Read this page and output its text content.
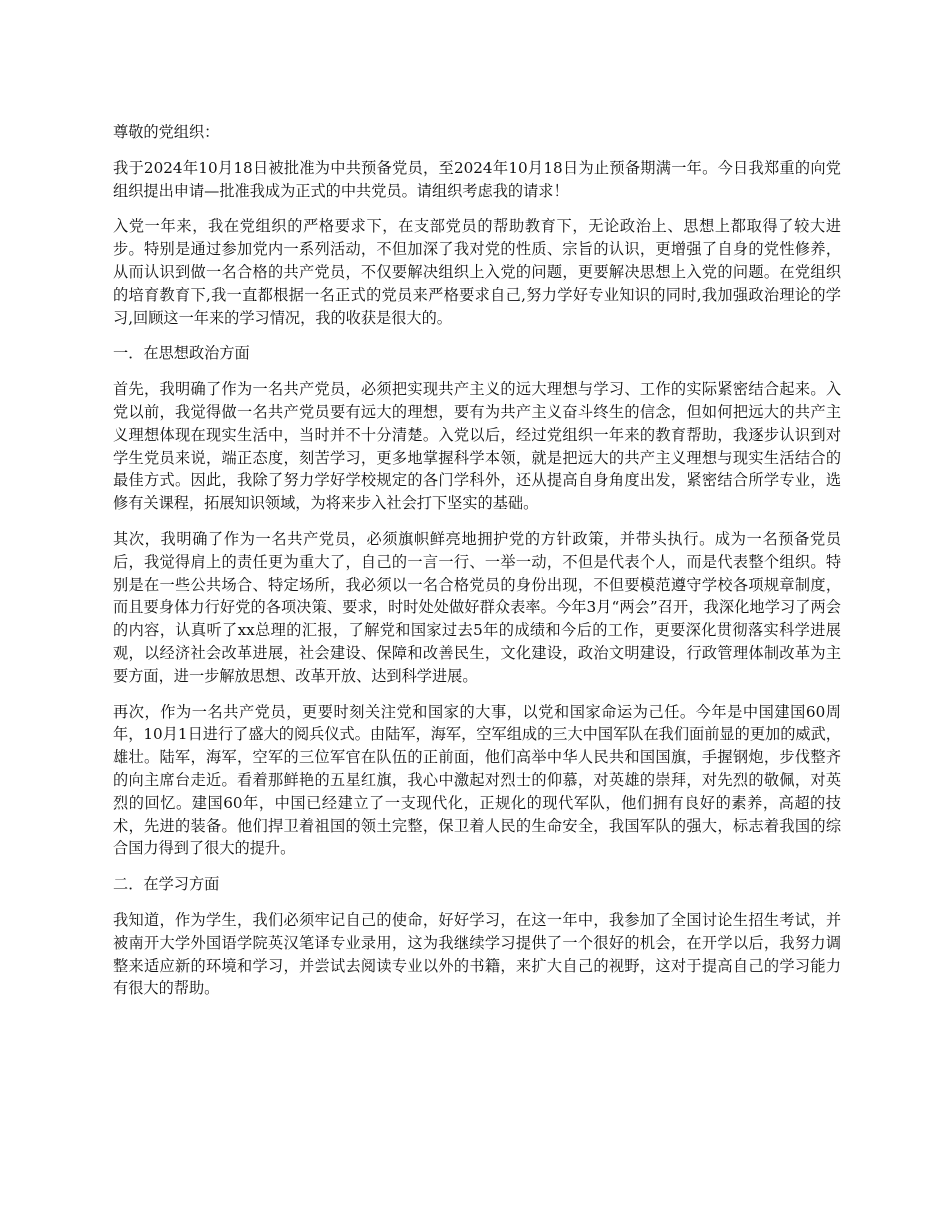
尊敬的党组织：

我于2024年10月18日被批准为中共预备党员，至2024年10月18日为止预备期满一年。今日我郑重的向党组织提出申请—批准我成为正式的中共党员。请组织考虑我的请求！

入党一年来，我在党组织的严格要求下，在支部党员的帮助教育下，无论政治上、思想上都取得了较大进步。特别是通过参加党内一系列活动，不但加深了我对党的性质、宗旨的认识，更增强了自身的党性修养，从而认识到做一名合格的共产党员，不仅要解决组织上入党的问题，更要解决思想上入党的问题。在党组织的培育教育下,我一直都根据一名正式的党员来严格要求自己,努力学好专业知识的同时,我加强政治理论的学习,回顾这一年来的学习情况，我的收获是很大的。

一．在思想政治方面

首先，我明确了作为一名共产党员，必须把实现共产主义的远大理想与学习、工作的实际紧密结合起来。入党以前，我觉得做一名共产党员要有远大的理想，要有为共产主义奋斗终生的信念，但如何把远大的共产主义理想体现在现实生活中，当时并不十分清楚。入党以后，经过党组织一年来的教育帮助，我逐步认识到对学生党员来说，端正态度，刻苦学习，更多地掌握科学本领，就是把远大的共产主义理想与现实生活结合的最佳方式。因此，我除了努力学好学校规定的各门学科外，还从提高自身角度出发，紧密结合所学专业，选修有关课程，拓展知识领域，为将来步入社会打下坚实的基础。

其次，我明确了作为一名共产党员，必须旗帜鲜亮地拥护党的方针政策，并带头执行。成为一名预备党员后，我觉得肩上的责任更为重大了，自己的一言一行、一举一动，不但是代表个人，而是代表整个组织。特别是在一些公共场合、特定场所，我必须以一名合格党员的身份出现，不但要模范遵守学校各项规章制度，而且要身体力行好党的各项决策、要求，时时处处做好群众表率。今年3月“两会”召开，我深化地学习了两会的内容，认真听了xx总理的汇报，了解党和国家过去5年的成绩和今后的工作，更要深化贯彻落实科学进展观，以经济社会改革进展，社会建设、保障和改善民生，文化建设，政治文明建设，行政管理体制改革为主要方面，进一步解放思想、改革开放、达到科学进展。

再次，作为一名共产党员，更要时刻关注党和国家的大事，以党和国家命运为己任。今年是中国建国60周年，10月1日进行了盛大的阅兵仪式。由陆军，海军，空军组成的三大中国军队在我们面前显的更加的威武，雄壮。陆军，海军，空军的三位军官在队伍的正前面，他们高举中华人民共和国国旗，手握钢炮，步伐整齐的向主席台走近。看着那鲜艳的五星红旗，我心中激起对烈士的仰慕，对英雄的崇拜，对先烈的敬佩，对英烈的回忆。建国60年，中国已经建立了一支现代化，正规化的现代军队，他们拥有良好的素养，高超的技术，先进的装备。他们捍卫着祖国的领土完整，保卫着人民的生命安全，我国军队的强大，标志着我国的综合国力得到了很大的提升。

二．在学习方面

我知道，作为学生，我们必须牢记自己的使命，好好学习，在这一年中，我参加了全国讨论生招生考试，并被南开大学外国语学院英汉笔译专业录用，这为我继续学习提供了一个很好的机会，在开学以后，我努力调整来适应新的环境和学习，并尝试去阅读专业以外的书籍，来扩大自己的视野，这对于提高自己的学习能力有很大的帮助。
